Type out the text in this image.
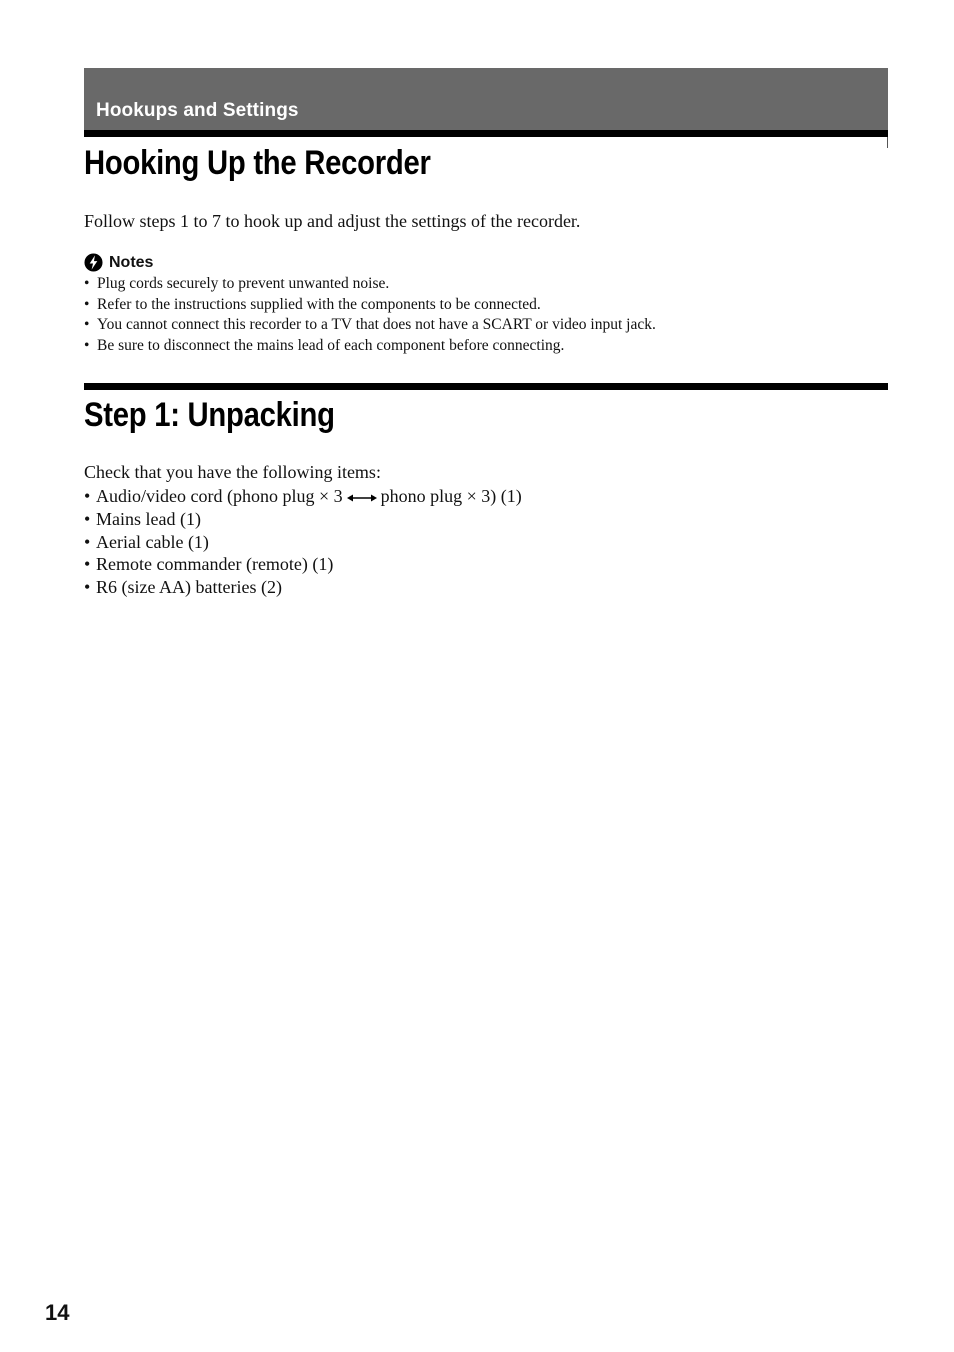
Hookups and Settings
Hooking Up the Recorder
Follow steps 1 to 7 to hook up and adjust the settings of the recorder.
Notes
• Plug cords securely to prevent unwanted noise.
• Refer to the instructions supplied with the components to be connected.
• You cannot connect this recorder to a TV that does not have a SCART or video input jack.
• Be sure to disconnect the mains lead of each component before connecting.
Step 1: Unpacking
Check that you have the following items:
• Audio/video cord (phono plug × 3 phono plug × 3) (1)
• Mains lead (1)
• Aerial cable (1)
• Remote commander (remote) (1)
• R6 (size AA) batteries (2)
14
